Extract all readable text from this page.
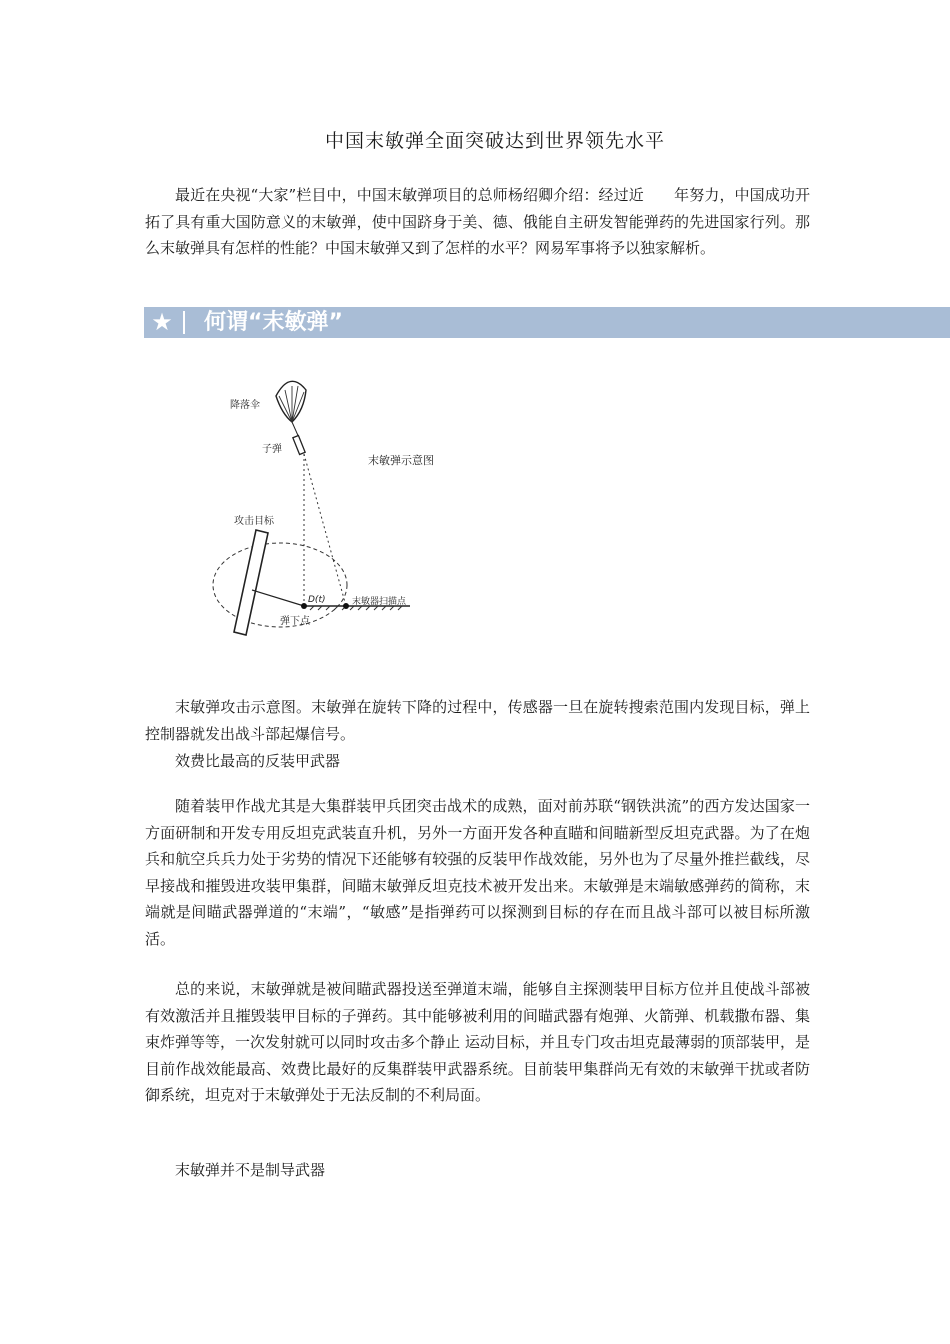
中国末敏弹全面突破达到世界领先水平

最近在央视“大家”栏目中，中国末敏弹项目的总师杨绍卿介绍：经过近　　年努力，中国成功开拓了具有重大国防意义的末敏弹，使中国跻身于美、德、俄能自主研发智能弹药的先进国家行列。那么末敏弹具有怎样的性能？中国末敏弹又到了怎样的水平？网易军事将予以独家解析。

★	何谓“末敏弹”
降落伞
子弹
末敏弹示意图
攻击目标
D(t)	末敏器扫描点
弹下点

末敏弹攻击示意图。末敏弹在旋转下降的过程中，传感器一旦在旋转搜索范围内发现目标，弹上控制器就发出战斗部起爆信号。

效费比最高的反装甲武器

随着装甲作战尤其是大集群装甲兵团突击战术的成熟，面对前苏联“钢铁洪流”的西方发达国家一方面研制和开发专用反坦克武装直升机，另外一方面开发各种直瞄和间瞄新型反坦克武器。为了在炮兵和航空兵兵力处于劣势的情况下还能够有较强的反装甲作战效能，另外也为了尽量外推拦截线，尽早接战和摧毁进攻装甲集群，间瞄末敏弹反坦克技术被开发出来。末敏弹是末端敏感弹药的简称，末端就是间瞄武器弹道的“末端”，“敏感”是指弹药可以探测到目标的存在而且战斗部可以被目标所激活。

总的来说，末敏弹就是被间瞄武器投送至弹道末端，能够自主探测装甲目标方位并且使战斗部被有效激活并且摧毁装甲目标的子弹药。其中能够被利用的间瞄武器有炮弹、火箭弹、机载撒布器、集束炸弹等等，一次发射就可以同时攻击多个静止 运动目标，并且专门攻击坦克最薄弱的顶部装甲，是目前作战效能最高、效费比最好的反集群装甲武器系统。目前装甲集群尚无有效的末敏弹干扰或者防御系统，坦克对于末敏弹处于无法反制的不利局面。

末敏弹并不是制导武器
